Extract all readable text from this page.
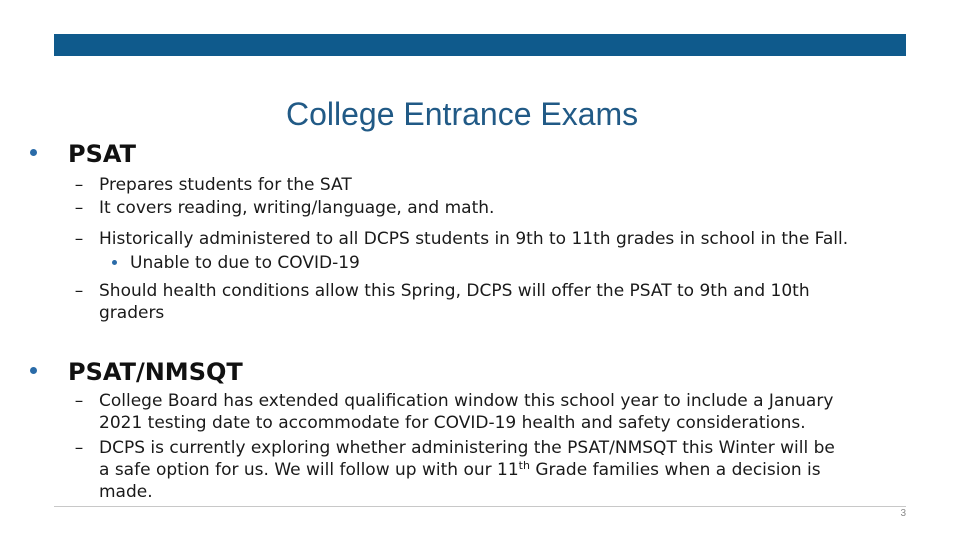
College Entrance Exams
PSAT
– Prepares students for the SAT
– It covers reading, writing/language, and math.
– Historically administered to all DCPS students in 9th to 11th grades in school in the Fall.
Unable to due to COVID-19
– Should health conditions allow this Spring, DCPS will offer the PSAT to 9th and 10th
graders
PSAT/NMSQT
– College Board has extended qualification window this school year to include a January
2021 testing date to accommodate for COVID-19 health and safety considerations.
– DCPS is currently exploring whether administering the PSAT/NMSQT this Winter will be
a safe option for us. We will follow up with our 11th Grade families when a decision is
made.
3
